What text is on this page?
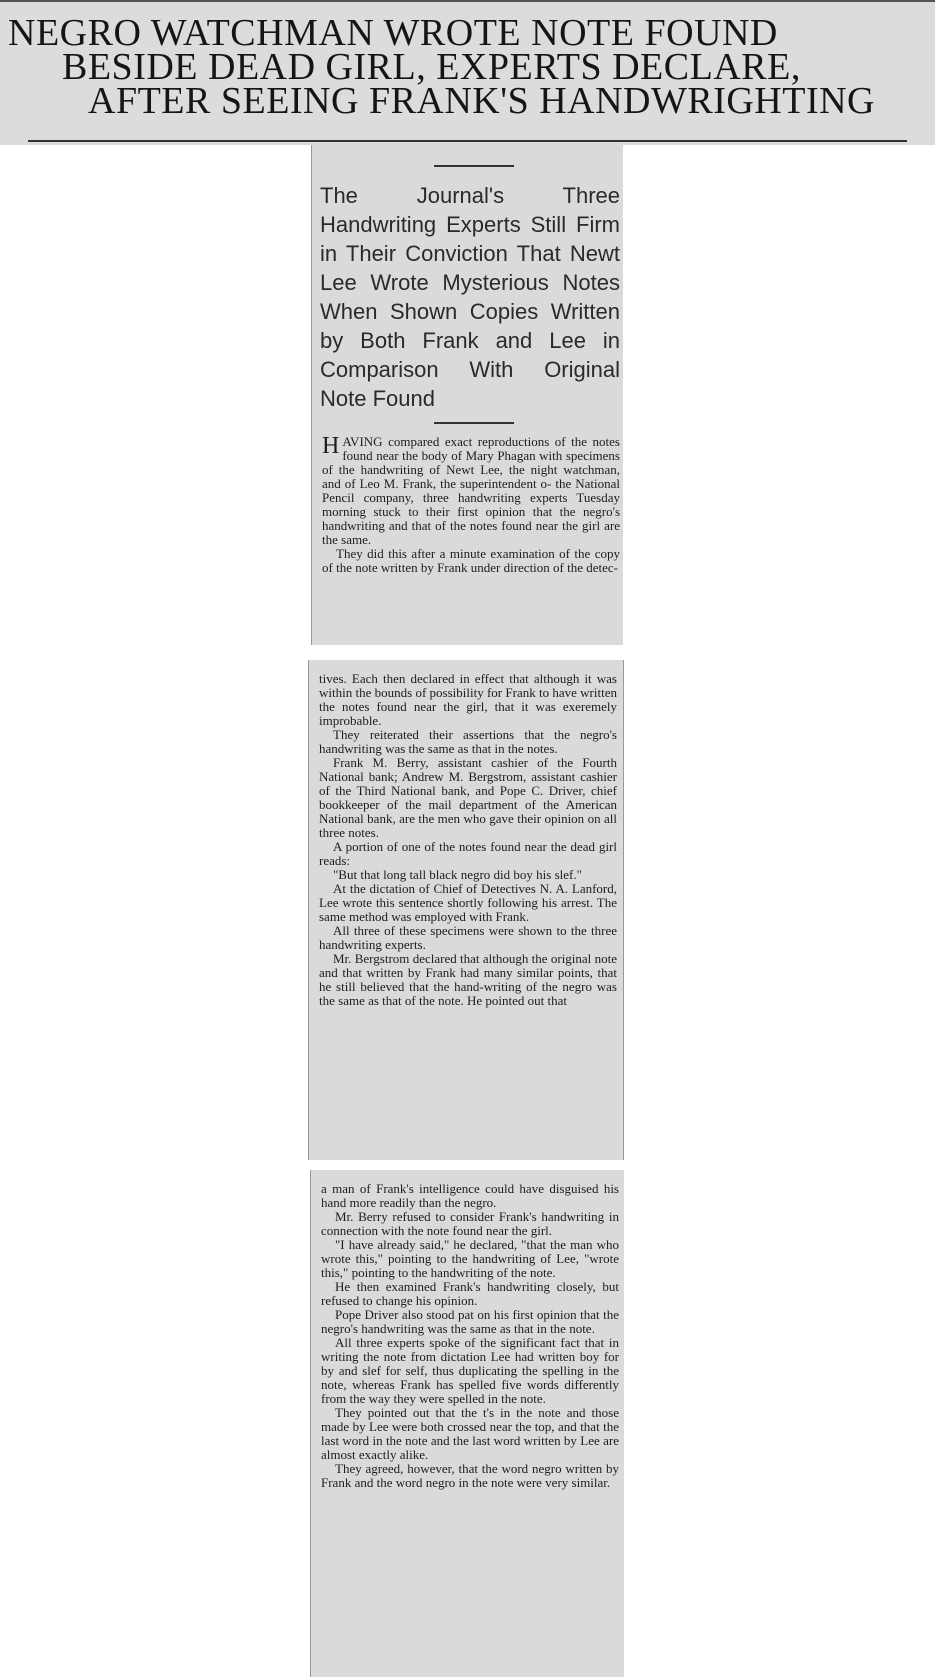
NEGRO WATCHMAN WROTE NOTE FOUND
BESIDE DEAD GIRL, EXPERTS DECLARE,
AFTER SEEING FRANK'S HANDWRIGHTING
The Journal's Three Handwriting Experts Still Firm in Their Conviction That Newt Lee Wrote Mysterious Notes When Shown Copies Written by Both Frank and Lee in Comparison With Original Note Found

HAVING compared exact reproductions of the notes found near the body of Mary Phagan with specimens of the handwriting of Newt Lee, the night watchman, and of Leo M. Frank, the superintendent o- the National Pencil company, three handwriting experts Tuesday morning stuck to their first opinion that the negro's handwriting and that of the notes found near the girl are the same.

They did this after a minute examination of the copy of the note written by Frank under direction of the detec-

tives. Each then declared in effect that although it was within the bounds of possibility for Frank to have written the notes found near the girl, that it was exeremely improbable.

They reiterated their assertions that the negro's handwriting was the same as that in the notes.

Frank M. Berry, assistant cashier of the Fourth National bank; Andrew M. Bergstrom, assistant cashier of the Third National bank, and Pope C. Driver, chief bookkeeper of the mail department of the American National bank, are the men who gave their opinion on all three notes.

A portion of one of the notes found near the dead girl reads:

"But that long tall black negro did boy his slef."

At the dictation of Chief of Detectives N. A. Lanford, Lee wrote this sentence shortly following his arrest. The same method was employed with Frank.

All three of these specimens were shown to the three handwriting experts.

Mr. Bergstrom declared that although the original note and that written by Frank had many similar points, that he still believed that the hand-writing of the negro was the same as that of the note. He pointed out that

a man of Frank's intelligence could have disguised his hand more readily than the negro.

Mr. Berry refused to consider Frank's handwriting in connection with the note found near the girl.

"I have already said," he declared, "that the man who wrote this," pointing to the handwriting of Lee, "wrote this," pointing to the handwriting of the note.

He then examined Frank's handwriting closely, but refused to change his opinion.

Pope Driver also stood pat on his first opinion that the negro's handwriting was the same as that in the note.

All three experts spoke of the significant fact that in writing the note from dictation Lee had written boy for by and slef for self, thus duplicating the spelling in the note, whereas Frank has spelled five words differently from the way they were spelled in the note.

They pointed out that the t's in the note and those made by Lee were both crossed near the top, and that the last word in the note and the last word written by Lee are almost exactly alike.

They agreed, however, that the word negro written by Frank and the word negro in the note were very similar.
